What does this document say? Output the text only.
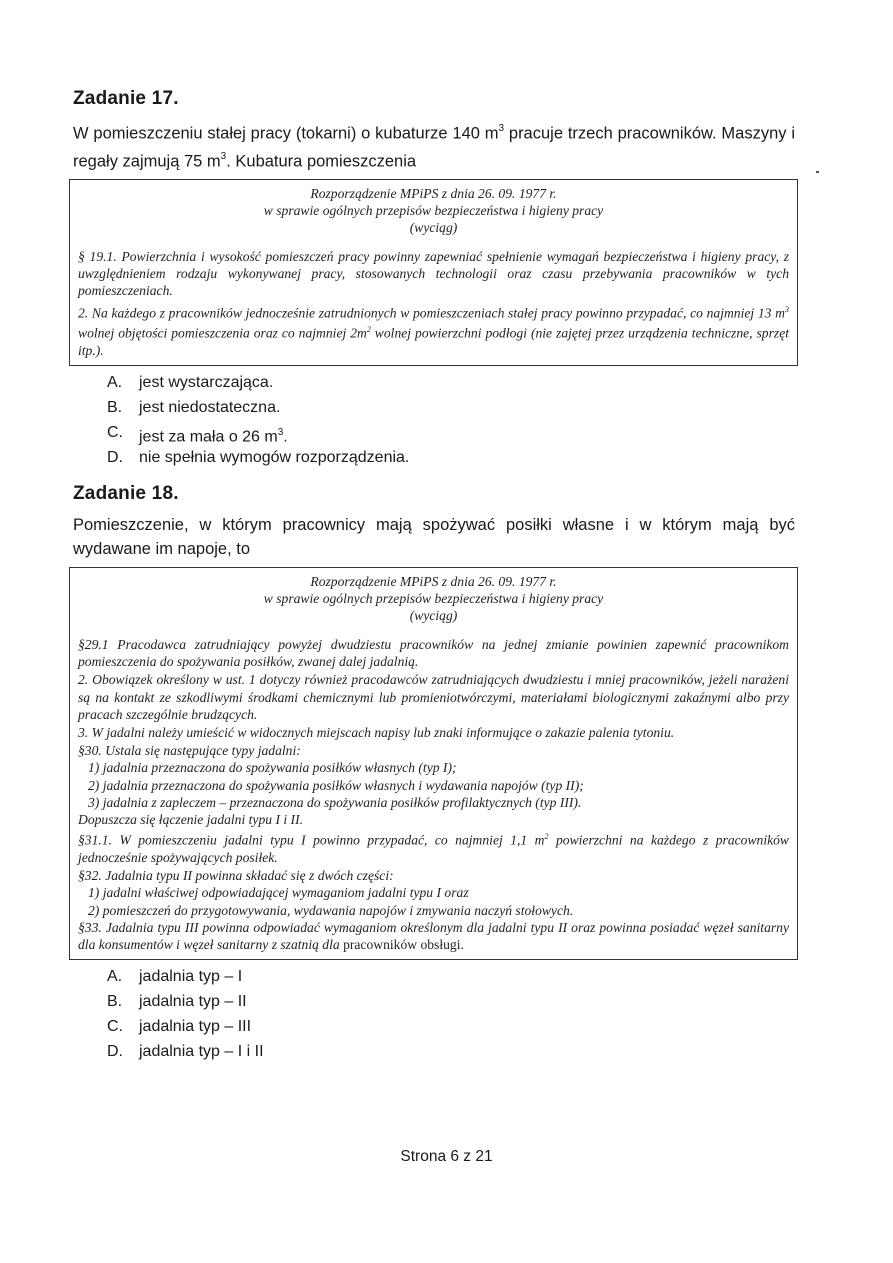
Zadanie 17.

W pomieszczeniu stałej pracy (tokarni) o kubaturze 140 $m^3$ pracuje trzech pracowników. Maszyny i regały zajmują 75 $m^3$. Kubatura pomieszczenia

Rozporządzenie MPiPS z dnia 26. 09. 1977 r.
w sprawie ogólnych przepisów bezpieczeństwa i higieny pracy
(wyciąg)

§ 19.1. Powierzchnia i wysokość pomieszczeń pracy powinny zapewniać spełnienie wymagań bezpieczeństwa i higieny pracy, z uwzględnieniem rodzaju wykonywanej pracy, stosowanych technologii oraz czasu przebywania pracowników w tych pomieszczeniach.

2. Na każdego z pracowników jednocześnie zatrudnionych w pomieszczeniach stałej pracy powinno przypadać, co najmniej 13 $m^3$ wolnej objętości pomieszczenia oraz co najmniej $2m^2$ wolnej powierzchni podłogi (nie zajętej przez urządzenia techniczne, sprzęt itp.).

A.	jest wystarczająca.
B.	jest niedostateczna.
C.	jest za mała o 26 $m^3$.
D.	nie spełnia wymogów rozporządzenia.
Zadanie 18.

Pomieszczenie, w którym pracownicy mają spożywać posiłki własne i w którym mają być wydawane im napoje, to

Rozporządzenie MPiPS z dnia 26. 09. 1977 r.
w sprawie ogólnych przepisów bezpieczeństwa i higieny pracy
(wyciąg)

§29.1 Pracodawca zatrudniający powyżej dwudziestu pracowników na jednej zmianie powinien zapewnić pracownikom pomieszczenia do spożywania posiłków, zwanej dalej jadalnią.

2. Obowiązek określony w ust. 1 dotyczy również pracodawców zatrudniających dwudziestu i mniej pracowników, jeżeli narażeni są na kontakt ze szkodliwymi środkami chemicznymi lub promieniotwórczymi, materiałami biologicznymi zakaźnymi albo przy pracach szczególnie brudzących.

3. W jadalni należy umieścić w widocznych miejscach napisy lub znaki informujące o zakazie palenia tytoniu.

§30. Ustala się następujące typy jadalni:

1) jadalnia przeznaczona do spożywania posiłków własnych (typ I);

2) jadalnia przeznaczona do spożywania posiłków własnych i wydawania napojów (typ II);

3) jadalnia z zapleczem – przeznaczona do spożywania posiłków profilaktycznych (typ III).

Dopuszcza się łączenie jadalni typu I i II.

§31.1. W pomieszczeniu jadalni typu I powinno przypadać, co najmniej 1,1 $m^2$ powierzchni na każdego z pracowników jednocześnie spożywających posiłek.

§32. Jadalnia typu II powinna składać się z dwóch części:

1) jadalni właściwej odpowiadającej wymaganiom jadalni typu I oraz

2) pomieszczeń do przygotowywania, wydawania napojów i zmywania naczyń stołowych.

§33. Jadalnia typu III powinna odpowiadać wymaganiom określonym dla jadalni typu II oraz powinna posiadać węzeł sanitarny dla konsumentów i węzeł sanitarny z szatnią dla pracowników obsługi.

A.	jadalnia typ – I
B.	jadalnia typ – II
C.	jadalnia typ – III
D.	jadalnia typ – I i II
Strona 6 z 21
